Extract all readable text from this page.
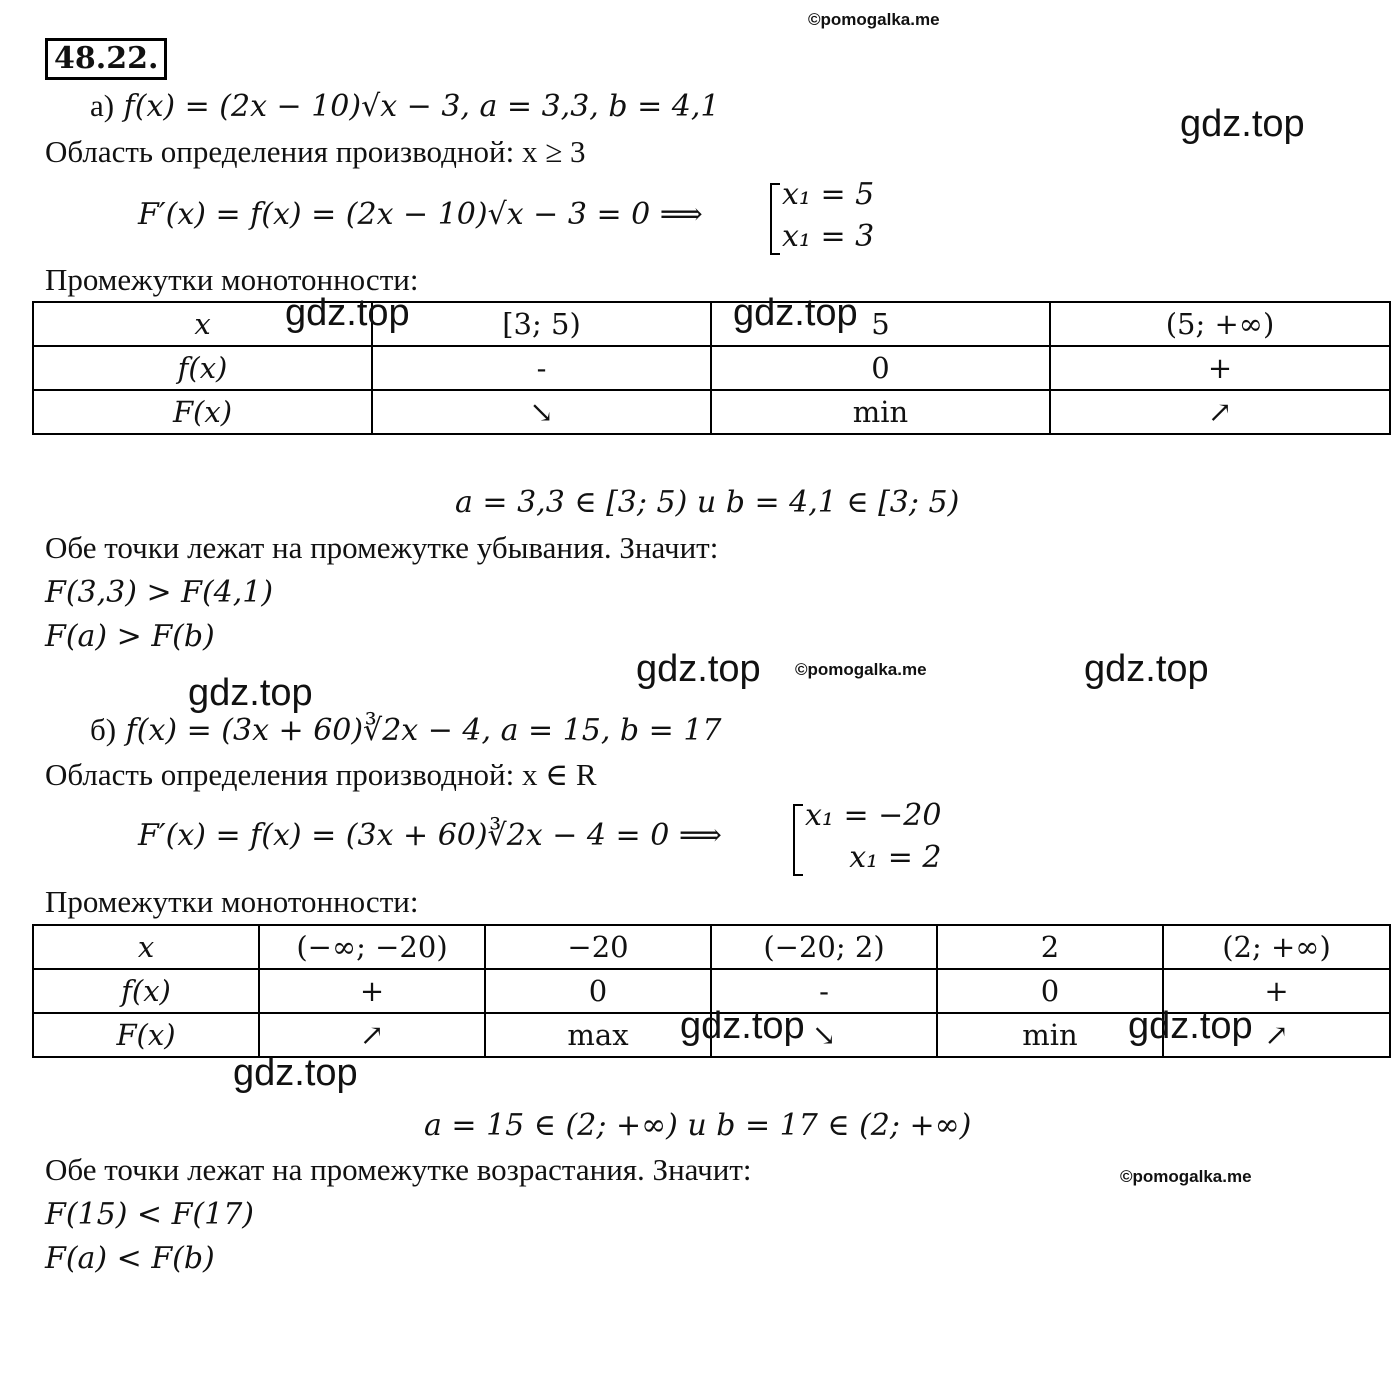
©pomogalka.me
©pomogalka.me
©pomogalka.me
48.22.
а) f(x) = (2x − 10)√x − 3, a = 3,3, b = 4,1
Область определения производной: x ≥ 3
F′(x) = f(x) = (2x − 10)√x − 3 = 0 ⟹
x₁ = 5
x₁ = 3
Промежутки монотонности:
x	[3; 5)	5	(5; +∞)
f(x)	-	0	+
F(x)	↘	min	↗
a = 3,3 ∈ [3; 5) и b = 4,1 ∈ [3; 5)
Обе точки лежат на промежутке убывания. Значит:
F(3,3) > F(4,1)
F(a) > F(b)
б) f(x) = (3x + 60)∛2x − 4, a = 15, b = 17
Область определения производной: x ∈ R
F′(x) = f(x) = (3x + 60)∛2x − 4 = 0 ⟹
x₁ = −20
x₁ = 2
Промежутки монотонности:
x	(−∞; −20)	−20	(−20; 2)	2	(2; +∞)
f(x)	+	0	-	0	+
F(x)	↗	max	↘	min	↗
a = 15 ∈ (2; +∞) и b = 17 ∈ (2; +∞)
Обе точки лежат на промежутке возрастания. Значит:
F(15) < F(17)
F(a) < F(b)
gdz.top
gdz.top	gdz.top
gdz.top	gdz.top
gdz.top
gdz.top	gdz.top
gdz.top
